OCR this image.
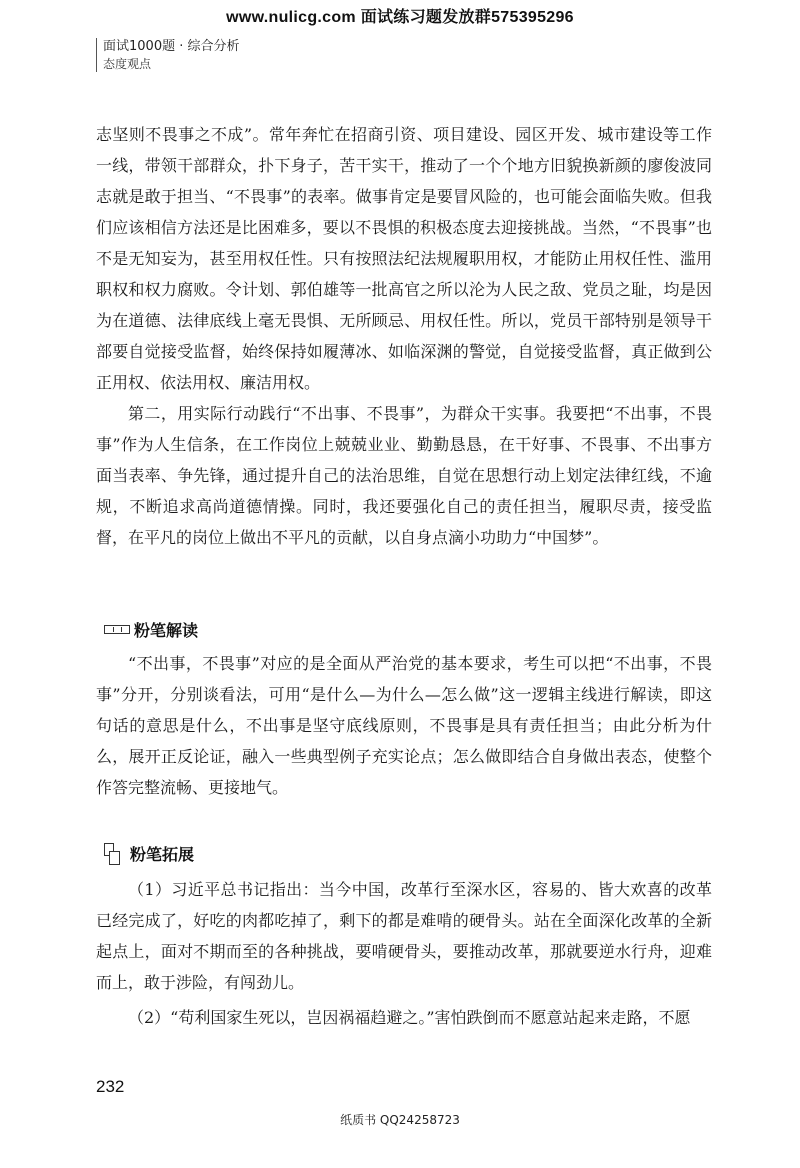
www.nulicg.com 面试练习题发放群575395296
面试1000题 · 综合分析
态度观点

志坚则不畏事之不成”。常年奔忙在招商引资、项目建设、园区开发、城市建设等工作一线，带领干部群众，扑下身子，苦干实干，推动了一个个地方旧貌换新颜的廖俊波同志就是敢于担当、“不畏事”的表率。做事肯定是要冒风险的，也可能会面临失败。但我们应该相信方法还是比困难多，要以不畏惧的积极态度去迎接挑战。当然，“不畏事”也不是无知妄为，甚至用权任性。只有按照法纪法规履职用权，才能防止用权任性、滥用职权和权力腐败。令计划、郭伯雄等一批高官之所以沦为人民之敌、党员之耻，均是因为在道德、法律底线上毫无畏惧、无所顾忌、用权任性。所以，党员干部特别是领导干部要自觉接受监督，始终保持如履薄冰、如临深渊的警觉，自觉接受监督，真正做到公正用权、依法用权、廉洁用权。

第二，用实际行动践行“不出事、不畏事”，为群众干实事。我要把“不出事，不畏事”作为人生信条，在工作岗位上兢兢业业、勤勤恳恳，在干好事、不畏事、不出事方面当表率、争先锋，通过提升自己的法治思维，自觉在思想行动上划定法律红线，不逾规，不断追求高尚道德情操。同时，我还要强化自己的责任担当，履职尽责，接受监督，在平凡的岗位上做出不平凡的贡献，以自身点滴小功助力“中国梦”。

粉笔解读

“不出事，不畏事”对应的是全面从严治党的基本要求，考生可以把“不出事，不畏事”分开，分别谈看法，可用“是什么—为什么—怎么做”这一逻辑主线进行解读，即这句话的意思是什么，不出事是坚守底线原则，不畏事是具有责任担当；由此分析为什么，展开正反论证，融入一些典型例子充实论点；怎么做即结合自身做出表态，使整个作答完整流畅、更接地气。

粉笔拓展

（1）习近平总书记指出：当今中国，改革行至深水区，容易的、皆大欢喜的改革已经完成了，好吃的肉都吃掉了，剩下的都是难啃的硬骨头。站在全面深化改革的全新起点上，面对不期而至的各种挑战，要啃硬骨头，要推动改革，那就要逆水行舟，迎难而上，敢于涉险，有闯劲儿。

（2）“苟利国家生死以，岂因祸福趋避之。”害怕跌倒而不愿意站起来走路，不愿

232
纸质书 QQ24258723
